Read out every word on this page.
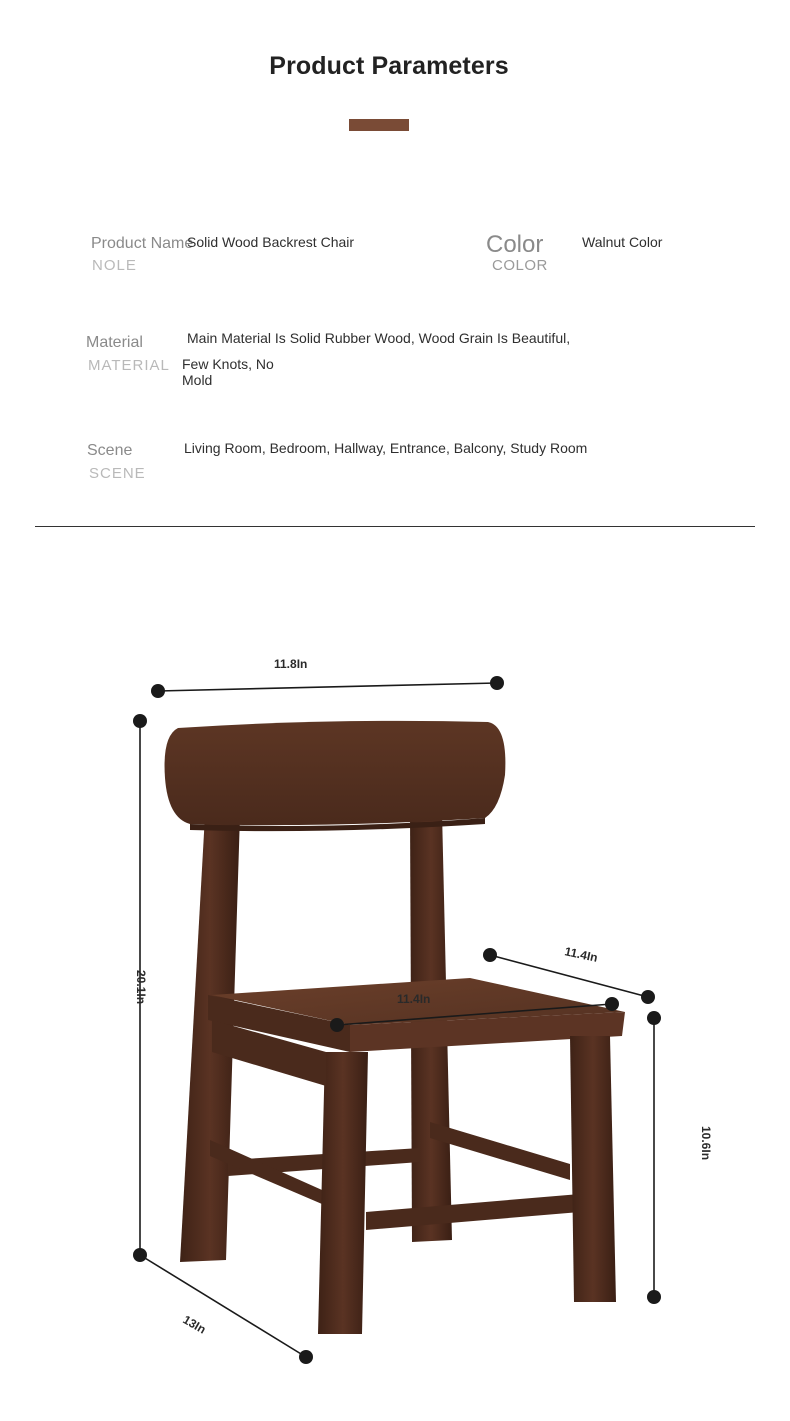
Product Parameters
Product Name
NOLE
Solid Wood Backrest Chair	Color
COLOR
Walnut Color
Material
MATERIAL
Main Material Is Solid Rubber Wood, Wood Grain Is Beautiful,
Few Knots, No
Mold
Scene
SCENE
Living Room, Bedroom, Hallway, Entrance, Balcony, Study Room
11.8In
20.1In
11.4In
11.4In
10.6In
13In
